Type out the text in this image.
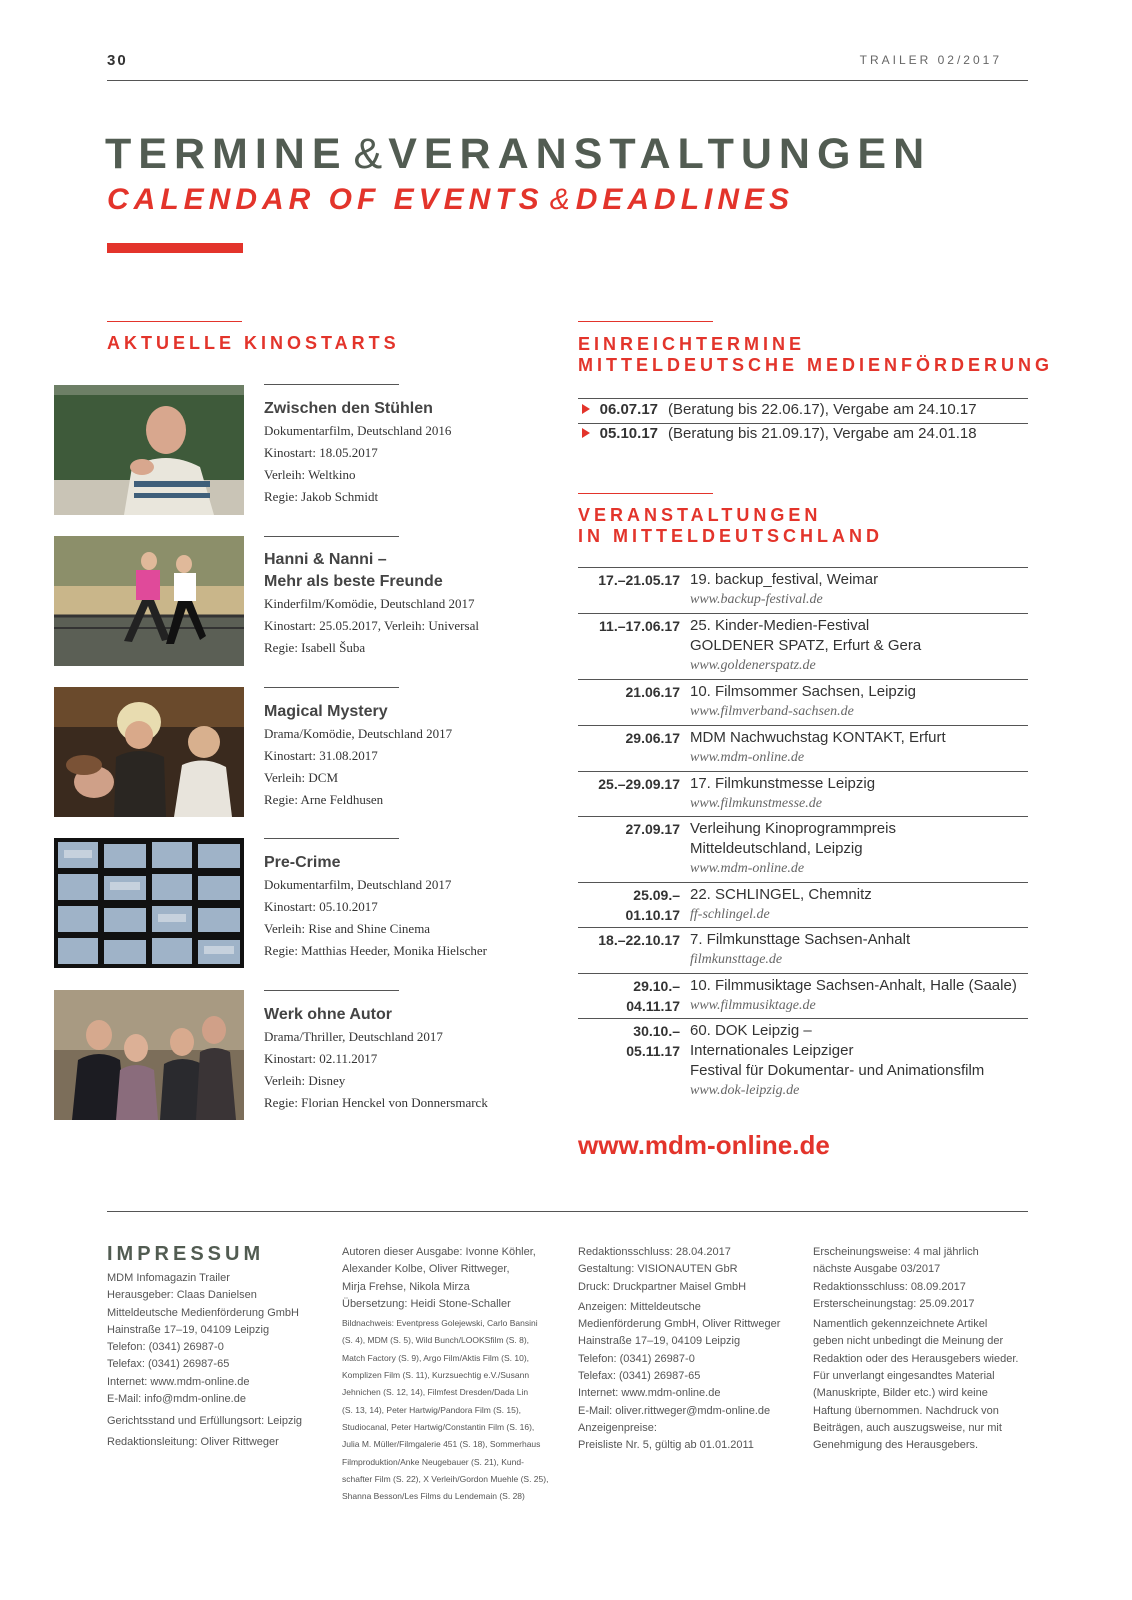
30	TRAILER 02/2017
TERMINE & VERANSTALTUNGEN
CALENDAR OF EVENTS & DEADLINES
AKTUELLE KINOSTARTS
Zwischen den Stühlen
Dokumentarfilm, Deutschland 2016
Kinostart: 18.05.2017
Verleih: Weltkino
Regie: Jakob Schmidt
Hanni & Nanni –
Mehr als beste Freunde
Kinderfilm/Komödie, Deutschland 2017
Kinostart: 25.05.2017, Verleih: Universal
Regie: Isabell Šuba
Magical Mystery
Drama/Komödie, Deutschland 2017
Kinostart: 31.08.2017
Verleih: DCM
Regie: Arne Feldhusen
Pre-Crime
Dokumentarfilm, Deutschland 2017
Kinostart: 05.10.2017
Verleih: Rise and Shine Cinema
Regie: Matthias Heeder, Monika Hielscher
Werk ohne Autor
Drama/Thriller, Deutschland 2017
Kinostart: 02.11.2017
Verleih: Disney
Regie: Florian Henckel von Donnersmarck
EINREICHTERMINE
MITTELDEUTSCHE MEDIENFÖRDERUNG
06.07.17 (Beratung bis 22.06.17), Vergabe am 24.10.17
05.10.17 (Beratung bis 21.09.17), Vergabe am 24.01.18
VERANSTALTUNGEN
IN MITTELDEUTSCHLAND
17.–21.05.17 19. backup_festival, Weimar
www.backup-festival.de
11.–17.06.17 25. Kinder-Medien-Festival
GOLDENER SPATZ, Erfurt & Gera
www.goldenerspatz.de
21.06.17 10. Filmsommer Sachsen, Leipzig
www.filmverband-sachsen.de
29.06.17 MDM Nachwuchstag KONTAKT, Erfurt
www.mdm-online.de
25.–29.09.17 17. Filmkunstmesse Leipzig
www.filmkunstmesse.de
27.09.17 Verleihung Kinoprogrammpreis
Mitteldeutschland, Leipzig
www.mdm-online.de
25.09.–
01.10.17
22. SCHLINGEL, Chemnitz
ff-schlingel.de
18.–22.10.17 7. Filmkunsttage Sachsen-Anhalt
filmkunsttage.de
29.10.–
04.11.17
10. Filmmusiktage Sachsen-Anhalt, Halle (Saale)
www.filmmusiktage.de
30.10.–
05.11.17
60. DOK Leipzig –
Internationales Leipziger
Festival für Dokumentar- und Animationsfilm
www.dok-leipzig.de
www.mdm-online.de
IMPRESSUM

MDM Infomagazin Trailer

Herausgeber: Claas Danielsen

Mitteldeutsche Medienförderung GmbH

Hainstraße 17–19, 04109 Leipzig

Telefon: (0341) 26987-0

Telefax: (0341) 26987-65

Internet: www.mdm-online.de

E-Mail: info@mdm-online.de

Gerichtsstand und Erfüllungsort: Leipzig

Redaktionsleitung: Oliver Rittweger

Autoren dieser Ausgabe: Ivonne Köhler,

Alexander Kolbe, Oliver Rittweger,

Mirja Frehse, Nikola Mirza

Übersetzung: Heidi Stone-Schaller

Bildnachweis: Eventpress Golejewski, Carlo Bansini

(S. 4), MDM (S. 5), Wild Bunch/LOOKSfilm (S. 8),

Match Factory (S. 9), Argo Film/Aktis Film (S. 10),

Komplizen Film (S. 11), Kurzsuechtig e.V./Susann

Jehnichen (S. 12, 14), Filmfest Dresden/Dada Lin

(S. 13, 14), Peter Hartwig/Pandora Film (S. 15),

Studiocanal, Peter Hartwig/Constantin Film (S. 16),

Julia M. Müller/Filmgalerie 451 (S. 18), Sommerhaus

Filmproduktion/Anke Neugebauer (S. 21), Kund-

schafter Film (S. 22), X Verleih/Gordon Muehle (S. 25),

Shanna Besson/Les Films du Lendemain (S. 28)

Redaktionsschluss: 28.04.2017

Gestaltung: VISIONAUTEN GbR

Druck: Druckpartner Maisel GmbH

Anzeigen: Mitteldeutsche

Medienförderung GmbH, Oliver Rittweger

Hainstraße 17–19, 04109 Leipzig

Telefon: (0341) 26987-0

Telefax: (0341) 26987-65

Internet: www.mdm-online.de

E-Mail: oliver.rittweger@mdm-online.de

Anzeigenpreise:

Preisliste Nr. 5, gültig ab 01.01.2011

Erscheinungsweise: 4 mal jährlich

nächste Ausgabe 03/2017

Redaktionsschluss: 08.09.2017

Ersterscheinungstag: 25.09.2017

Namentlich gekennzeichnete Artikel

geben nicht unbedingt die Meinung der

Redaktion oder des Herausgebers wieder.

Für unverlangt eingesandtes Material

(Manuskripte, Bilder etc.) wird keine

Haftung übernommen. Nachdruck von

Beiträgen, auch auszugsweise, nur mit

Genehmigung des Herausgebers.
